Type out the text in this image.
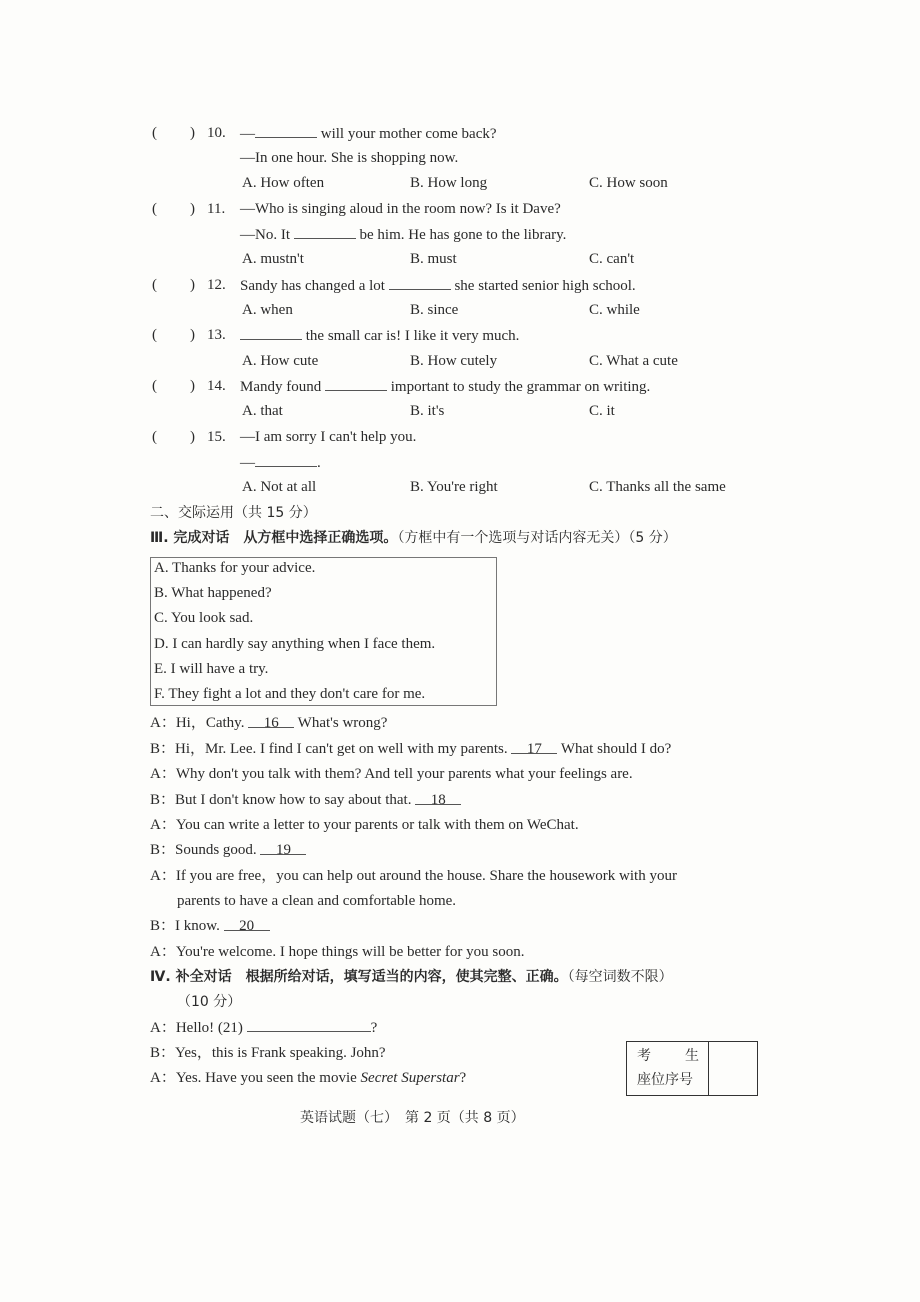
( ) 10. —	will your mother come back?
—In one hour. She is shopping now.
A. How often	B. How long	C. How soon
( ) 11. —Who is singing aloud in the room now? Is it Dave?
—No. It	be him. He has gone to the library.
A. mustn't	B. must	C. can't
( ) 12. Sandy has changed a lot	she started senior high school.
A. when	B. since	C. while
( ) 13.	the small car is! I like it very much.
A. How cute	B. How cutely	C. What a cute
( ) 14. Mandy found	important to study the grammar on writing.
A. that	B. it's	C. it
( ) 15. —I am sorry I can't help you.
—	.
A. Not at all	B. You're right	C. Thanks all the same
二、交际运用（共 15 分）
Ⅲ. 完成对话　从方框中选择正确选项。（方框中有一个选项与对话内容无关）（5 分）
A. Thanks for your advice.
B. What happened?
C. You look sad.
D. I can hardly say anything when I face them.
E. I will have a try.
F. They fight a lot and they don't care for me.
A：Hi，Cathy. 16 What's wrong?
B：Hi，Mr. Lee. I find I can't get on well with my parents. 17 What should I do?
A：Why don't you talk with them? And tell your parents what your feelings are.
B：But I don't know how to say about that. 18
A：You can write a letter to your parents or talk with them on WeChat.
B：Sounds good. 19
A：If you are free，you can help out around the house. Share the housework with your
parents to have a clean and comfortable home.
B：I know. 20
A：You're welcome. I hope things will be better for you soon.
Ⅳ. 补全对话　根据所给对话，填写适当的内容，使其完整、正确。（每空词数不限）
（10 分）
A：Hello! (21)	?
B：Yes，this is Frank speaking. John?
A：Yes. Have you seen the movie Secret Superstar?
考 生
座位序号
英语试题（七）　第 2 页（共 8 页）
